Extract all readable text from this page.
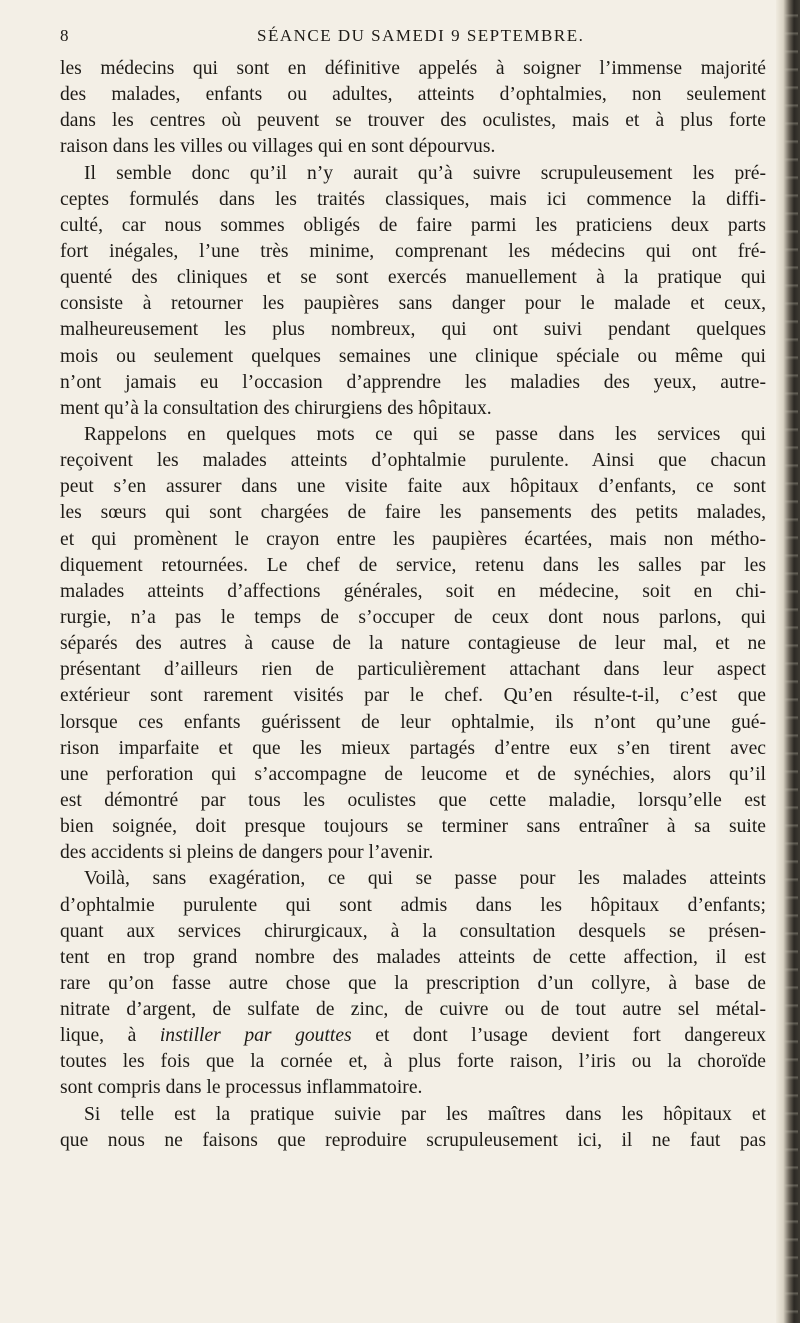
8	SÉANCE DU SAMEDI 9 SEPTEMBRE.
les médecins qui sont en définitive appelés à soigner l’immense majorité
des malades, enfants ou adultes, atteints d’ophtalmies, non seulement
dans les centres où peuvent se trouver des oculistes, mais et à plus forte
raison dans les villes ou villages qui en sont dépourvus.
Il semble donc qu’il n’y aurait qu’à suivre scrupuleusement les pré-
ceptes formulés dans les traités classiques, mais ici commence la diffi-
culté, car nous sommes obligés de faire parmi les praticiens deux parts
fort inégales, l’une très minime, comprenant les médecins qui ont fré-
quenté des cliniques et se sont exercés manuellement à la pratique qui
consiste à retourner les paupières sans danger pour le malade et ceux,
malheureusement les plus nombreux, qui ont suivi pendant quelques
mois ou seulement quelques semaines une clinique spéciale ou même qui
n’ont jamais eu l’occasion d’apprendre les maladies des yeux, autre-
ment qu’à la consultation des chirurgiens des hôpitaux.
Rappelons en quelques mots ce qui se passe dans les services qui
reçoivent les malades atteints d’ophtalmie purulente. Ainsi que chacun
peut s’en assurer dans une visite faite aux hôpitaux d’enfants, ce sont
les sœurs qui sont chargées de faire les pansements des petits malades,
et qui promènent le crayon entre les paupières écartées, mais non métho-
diquement retournées. Le chef de service, retenu dans les salles par les
malades atteints d’affections générales, soit en médecine, soit en chi-
rurgie, n’a pas le temps de s’occuper de ceux dont nous parlons, qui
séparés des autres à cause de la nature contagieuse de leur mal, et ne
présentant d’ailleurs rien de particulièrement attachant dans leur aspect
extérieur sont rarement visités par le chef. Qu’en résulte-t-il, c’est que
lorsque ces enfants guérissent de leur ophtalmie, ils n’ont qu’une gué-
rison imparfaite et que les mieux partagés d’entre eux s’en tirent avec
une perforation qui s’accompagne de leucome et de synéchies, alors qu’il
est démontré par tous les oculistes que cette maladie, lorsqu’elle est
bien soignée, doit presque toujours se terminer sans entraîner à sa suite
des accidents si pleins de dangers pour l’avenir.
Voilà, sans exagération, ce qui se passe pour les malades atteints
d’ophtalmie purulente qui sont admis dans les hôpitaux d’enfants;
quant aux services chirurgicaux, à la consultation desquels se présen-
tent en trop grand nombre des malades atteints de cette affection, il est
rare qu’on fasse autre chose que la prescription d’un collyre, à base de
nitrate d’argent, de sulfate de zinc, de cuivre ou de tout autre sel métal-
lique, à instiller par gouttes et dont l’usage devient fort dangereux
toutes les fois que la cornée et, à plus forte raison, l’iris ou la choroïde
sont compris dans le processus inflammatoire.
Si telle est la pratique suivie par les maîtres dans les hôpitaux et
que nous ne faisons que reproduire scrupuleusement ici, il ne faut pas
